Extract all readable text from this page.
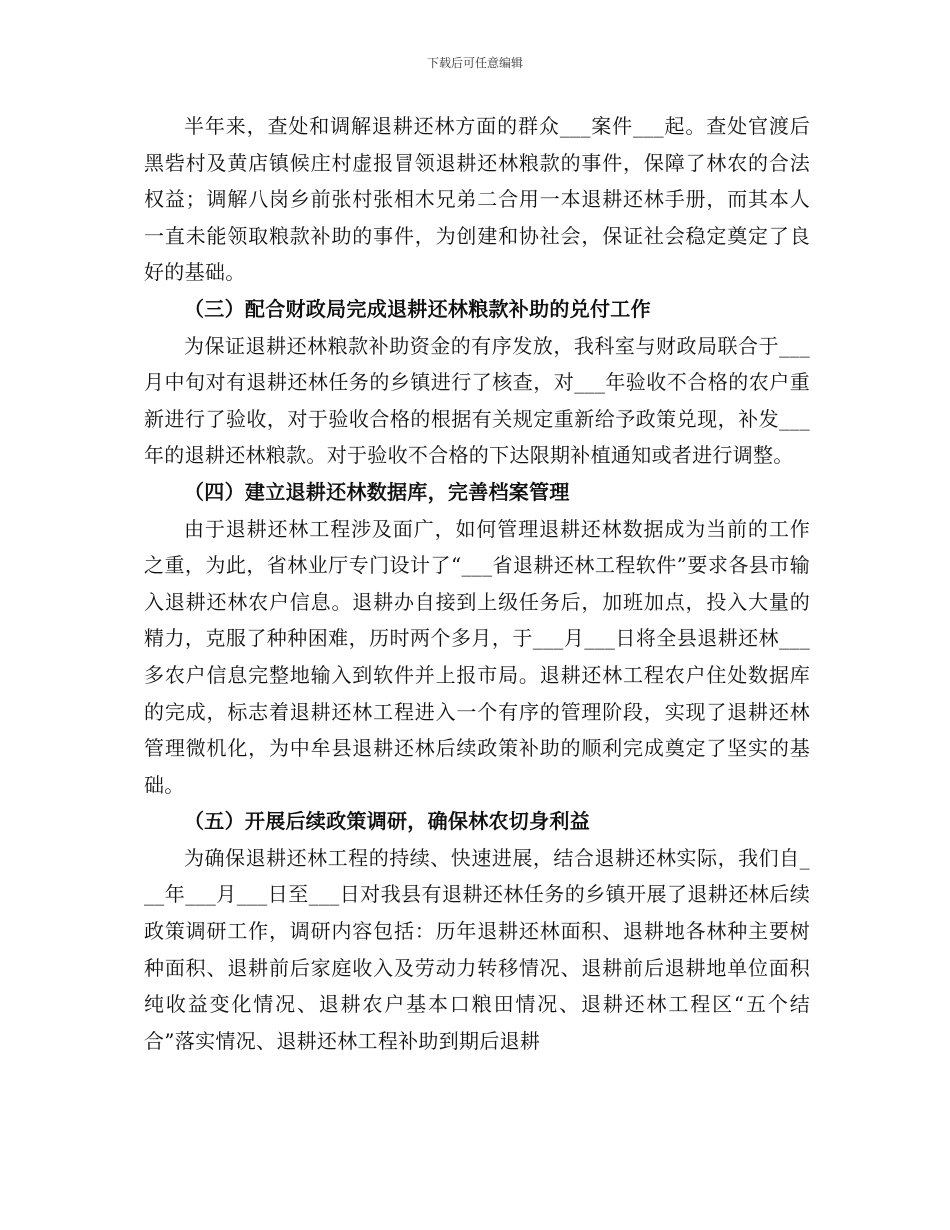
下载后可任意编辑

半年来，查处和调解退耕还林方面的群众___案件___起。查处官渡后黑砦村及黄店镇候庄村虚报冒领退耕还林粮款的事件，保障了林农的合法权益；调解八岗乡前张村张相木兄弟二合用一本退耕还林手册，而其本人一直未能领取粮款补助的事件，为创建和协社会，保证社会稳定奠定了良好的基础。

（三）配合财政局完成退耕还林粮款补助的兑付工作

为保证退耕还林粮款补助资金的有序发放，我科室与财政局联合于___月中旬对有退耕还林任务的乡镇进行了核查，对___年验收不合格的农户重新进行了验收，对于验收合格的根据有关规定重新给予政策兑现，补发___年的退耕还林粮款。对于验收不合格的下达限期补植通知或者进行调整。

（四）建立退耕还林数据库，完善档案管理

由于退耕还林工程涉及面广，如何管理退耕还林数据成为当前的工作之重，为此，省林业厅专门设计了“___省退耕还林工程软件”要求各县市输入退耕还林农户信息。退耕办自接到上级任务后，加班加点，投入大量的精力，克服了种种困难，历时两个多月，于___月___日将全县退耕还林___多农户信息完整地输入到软件并上报市局。退耕还林工程农户住处数据库的完成，标志着退耕还林工程进入一个有序的管理阶段，实现了退耕还林管理微机化，为中牟县退耕还林后续政策补助的顺利完成奠定了坚实的基础。

（五）开展后续政策调研，确保林农切身利益

为确保退耕还林工程的持续、快速进展，结合退耕还林实际，我们自___年___月___日至___日对我县有退耕还林任务的乡镇开展了退耕还林后续政策调研工作，调研内容包括：历年退耕还林面积、退耕地各林种主要树种面积、退耕前后家庭收入及劳动力转移情况、退耕前后退耕地单位面积纯收益变化情况、退耕农户基本口粮田情况、退耕还林工程区“五个结合”落实情况、退耕还林工程补助到期后退耕
